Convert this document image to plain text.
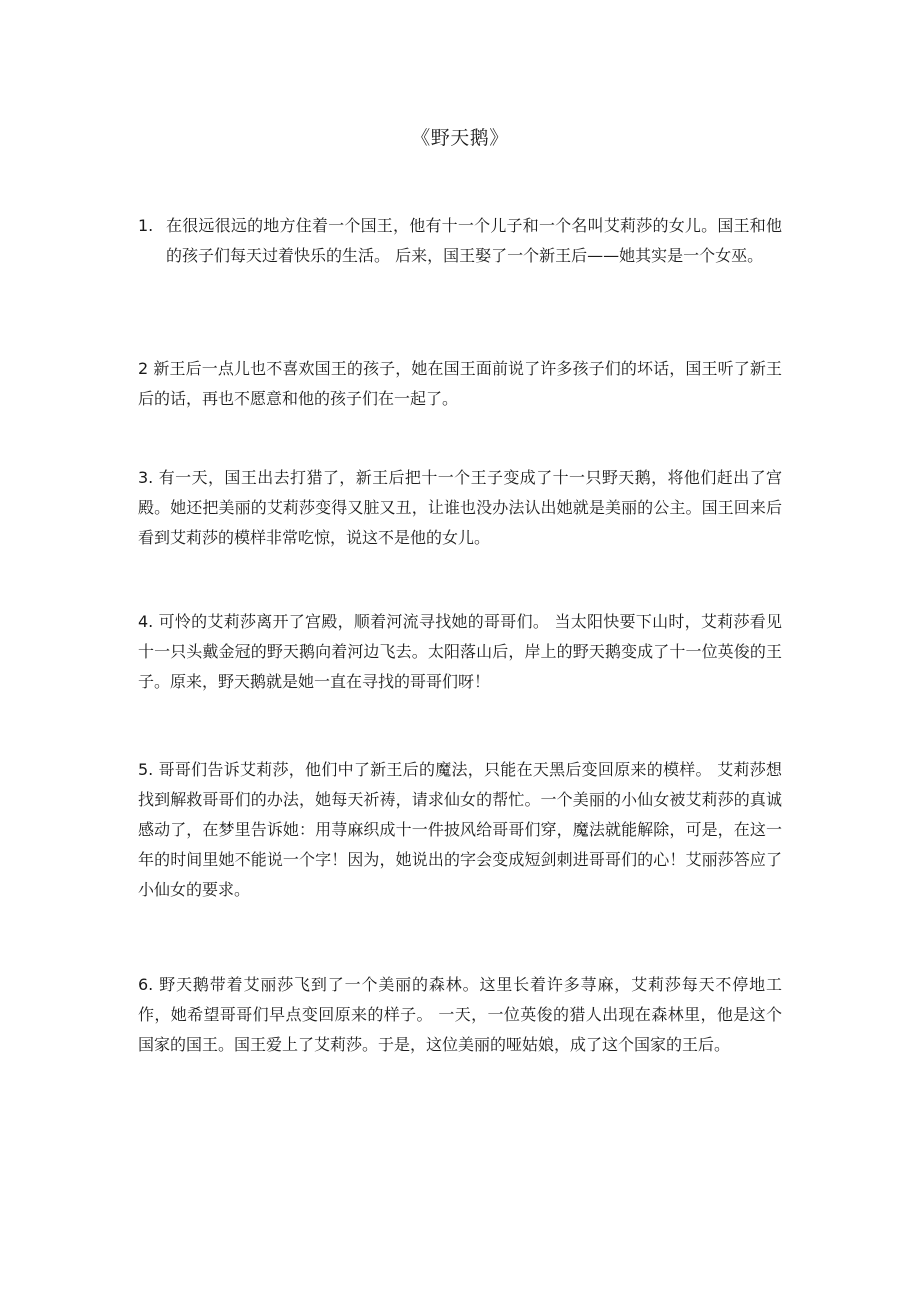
《野天鹅》

1. 在很远很远的地方住着一个国王，他有十一个儿子和一个名叫艾莉莎的女儿。国王和他的孩子们每天过着快乐的生活。 后来，国王娶了一个新王后——她其实是一个女巫。

2 新王后一点儿也不喜欢国王的孩子，她在国王面前说了许多孩子们的坏话，国王听了新王后的话，再也不愿意和他的孩子们在一起了。

3. 有一天，国王出去打猎了，新王后把十一个王子变成了十一只野天鹅，将他们赶出了宫殿。她还把美丽的艾莉莎变得又脏又丑，让谁也没办法认出她就是美丽的公主。国王回来后看到艾莉莎的模样非常吃惊，说这不是他的女儿。

4. 可怜的艾莉莎离开了宫殿，顺着河流寻找她的哥哥们。 当太阳快要下山时，艾莉莎看见十一只头戴金冠的野天鹅向着河边飞去。太阳落山后，岸上的野天鹅变成了十一位英俊的王子。原来，野天鹅就是她一直在寻找的哥哥们呀！

5. 哥哥们告诉艾莉莎，他们中了新王后的魔法，只能在天黑后变回原来的模样。 艾莉莎想找到解救哥哥们的办法，她每天祈祷，请求仙女的帮忙。一个美丽的小仙女被艾莉莎的真诚感动了，在梦里告诉她：用荨麻织成十一件披风给哥哥们穿，魔法就能解除，可是，在这一年的时间里她不能说一个字！因为，她说出的字会变成短剑刺进哥哥们的心！艾丽莎答应了小仙女的要求。

6. 野天鹅带着艾丽莎飞到了一个美丽的森林。这里长着许多荨麻，艾莉莎每天不停地工作，她希望哥哥们早点变回原来的样子。 一天，一位英俊的猎人出现在森林里，他是这个国家的国王。国王爱上了艾莉莎。于是，这位美丽的哑姑娘，成了这个国家的王后。
